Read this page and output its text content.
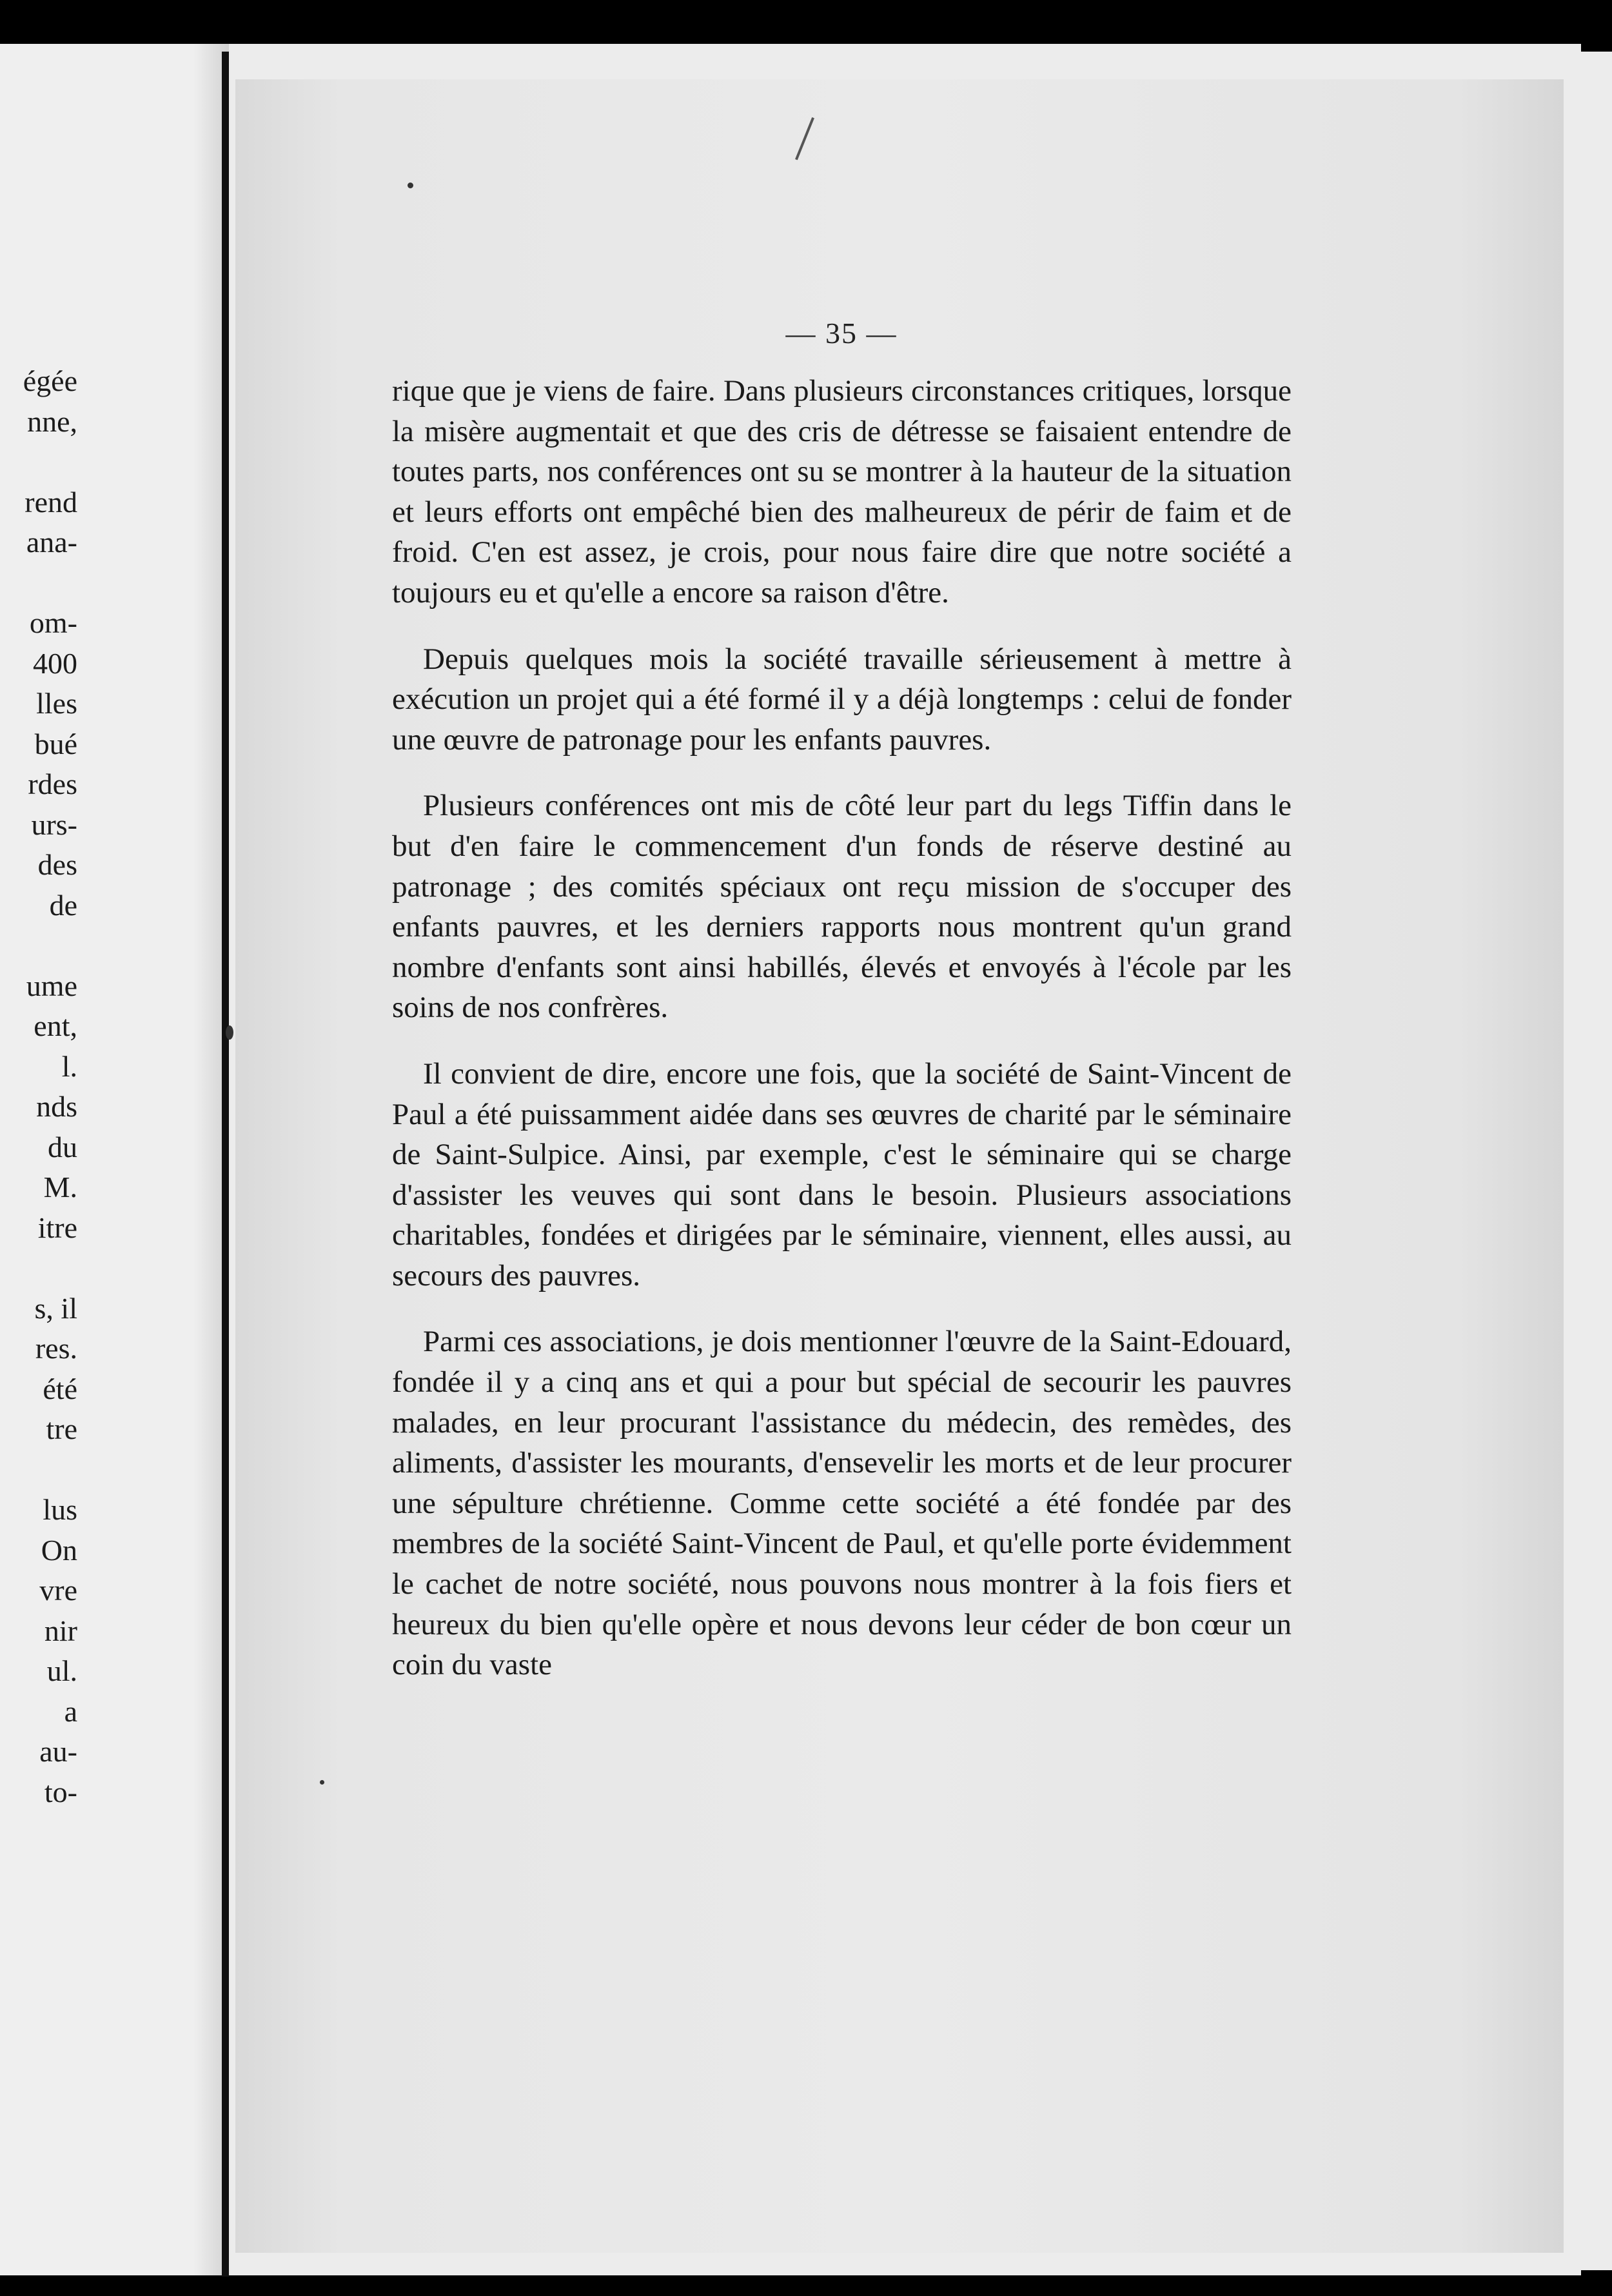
égée
nne,
rend
ana-
om-
400
lles
bué
rdes
urs-
des
de
ume
ent,
l.
nds
du
M.
itre
s, il
res.
été
tre
lus
On
vre
nir
ul.
a
au-
to-
— 35 —

rique que je viens de faire. Dans plusieurs circonstances critiques, lorsque la misère augmentait et que des cris de détresse se faisaient entendre de toutes parts, nos conférences ont su se montrer à la hauteur de la situation et leurs efforts ont empêché bien des malheureux de périr de faim et de froid. C'en est assez, je crois, pour nous faire dire que notre société a toujours eu et qu'elle a encore sa raison d'être.

Depuis quelques mois la société travaille sérieusement à mettre à exécution un projet qui a été formé il y a déjà longtemps : celui de fonder une œuvre de patronage pour les enfants pauvres.

Plusieurs conférences ont mis de côté leur part du legs Tiffin dans le but d'en faire le commencement d'un fonds de réserve destiné au patronage ; des comités spéciaux ont reçu mission de s'occuper des enfants pauvres, et les derniers rapports nous montrent qu'un grand nombre d'enfants sont ainsi habillés, élevés et envoyés à l'école par les soins de nos confrères.

Il convient de dire, encore une fois, que la société de Saint-Vincent de Paul a été puissamment aidée dans ses œuvres de charité par le séminaire de Saint-Sulpice. Ainsi, par exemple, c'est le séminaire qui se charge d'assister les veuves qui sont dans le besoin. Plusieurs associations charitables, fondées et dirigées par le séminaire, viennent, elles aussi, au secours des pauvres.

Parmi ces associations, je dois mentionner l'œuvre de la Saint-Edouard, fondée il y a cinq ans et qui a pour but spécial de secourir les pauvres malades, en leur procurant l'assistance du médecin, des remèdes, des aliments, d'assister les mourants, d'ensevelir les morts et de leur procurer une sépulture chrétienne. Comme cette société a été fondée par des membres de la société Saint-Vincent de Paul, et qu'elle porte évidemment le cachet de notre société, nous pouvons nous montrer à la fois fiers et heureux du bien qu'elle opère et nous devons leur céder de bon cœur un coin du vaste
